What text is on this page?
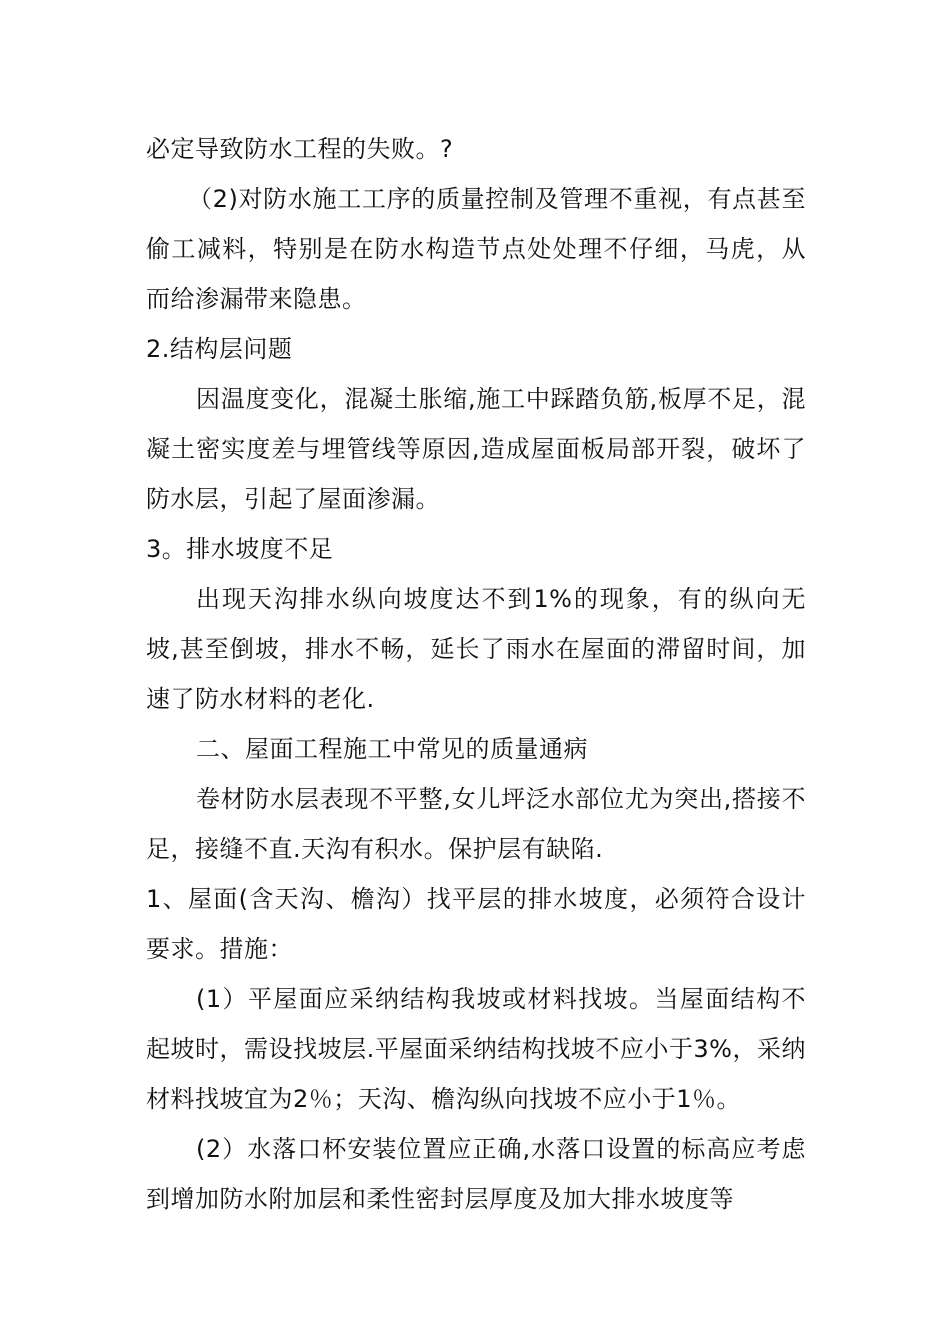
必定导致防水工程的失败。?

（2)对防水施工工序的质量控制及管理不重视，有点甚至偷工减料，特别是在防水构造节点处处理不仔细，马虎，从而给渗漏带来隐患。

2.结构层问题

因温度变化，混凝土胀缩,施工中踩踏负筋,板厚不足，混凝土密实度差与埋管线等原因,造成屋面板局部开裂，破坏了防水层，引起了屋面渗漏。

3。排水坡度不足

出现天沟排水纵向坡度达不到1%的现象，有的纵向无坡,甚至倒坡，排水不畅，延长了雨水在屋面的滞留时间，加速了防水材料的老化.

二、屋面工程施工中常见的质量通病

卷材防水层表现不平整,女儿坪泛水部位尤为突出,搭接不足，接缝不直.天沟有积水。保护层有缺陷.

1、屋面(含天沟、檐沟）找平层的排水坡度，必须符合设计要求。措施：

(1）平屋面应采纳结构我坡或材料找坡。当屋面结构不起坡时，需设找坡层.平屋面采纳结构找坡不应小于3%，采纳材料找坡宜为2％；天沟、檐沟纵向找坡不应小于1％。

(2）水落口杯安装位置应正确,水落口设置的标高应考虑到增加防水附加层和柔性密封层厚度及加大排水坡度等
